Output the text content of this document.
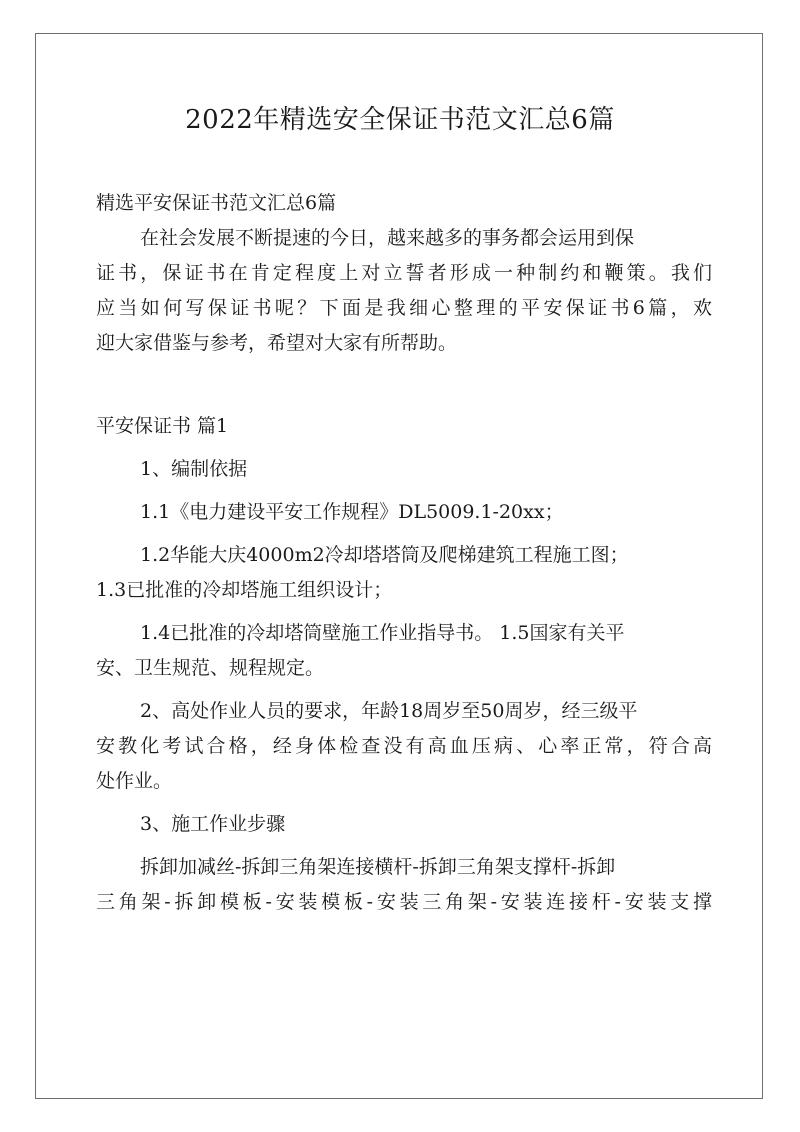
2022年精选安全保证书范文汇总6篇
精选平安保证书范文汇总6篇
在社会发展不断提速的今日，越来越多的事务都会运用到保
证书，保证书在肯定程度上对立誓者形成一种制约和鞭策。我们
应当如何写保证书呢？下面是我细心整理的平安保证书6篇，欢
迎大家借鉴与参考，希望对大家有所帮助。
平安保证书 篇1
1、编制依据
1.1《电力建设平安工作规程》DL5009.1-20xx；
1.2华能大庆4000m2冷却塔塔筒及爬梯建筑工程施工图；
1.3已批准的冷却塔施工组织设计；
1.4已批准的冷却塔筒壁施工作业指导书。 1.5国家有关平
安、卫生规范、规程规定。
2、高处作业人员的要求，年龄18周岁至50周岁，经三级平
安教化考试合格，经身体检查没有高血压病、心率正常，符合高
处作业。
3、施工作业步骤
拆卸加减丝-拆卸三角架连接横杆-拆卸三角架支撑杆-拆卸
三角架-拆卸模板-安装模板-安装三角架-安装连接杆-安装支撑
